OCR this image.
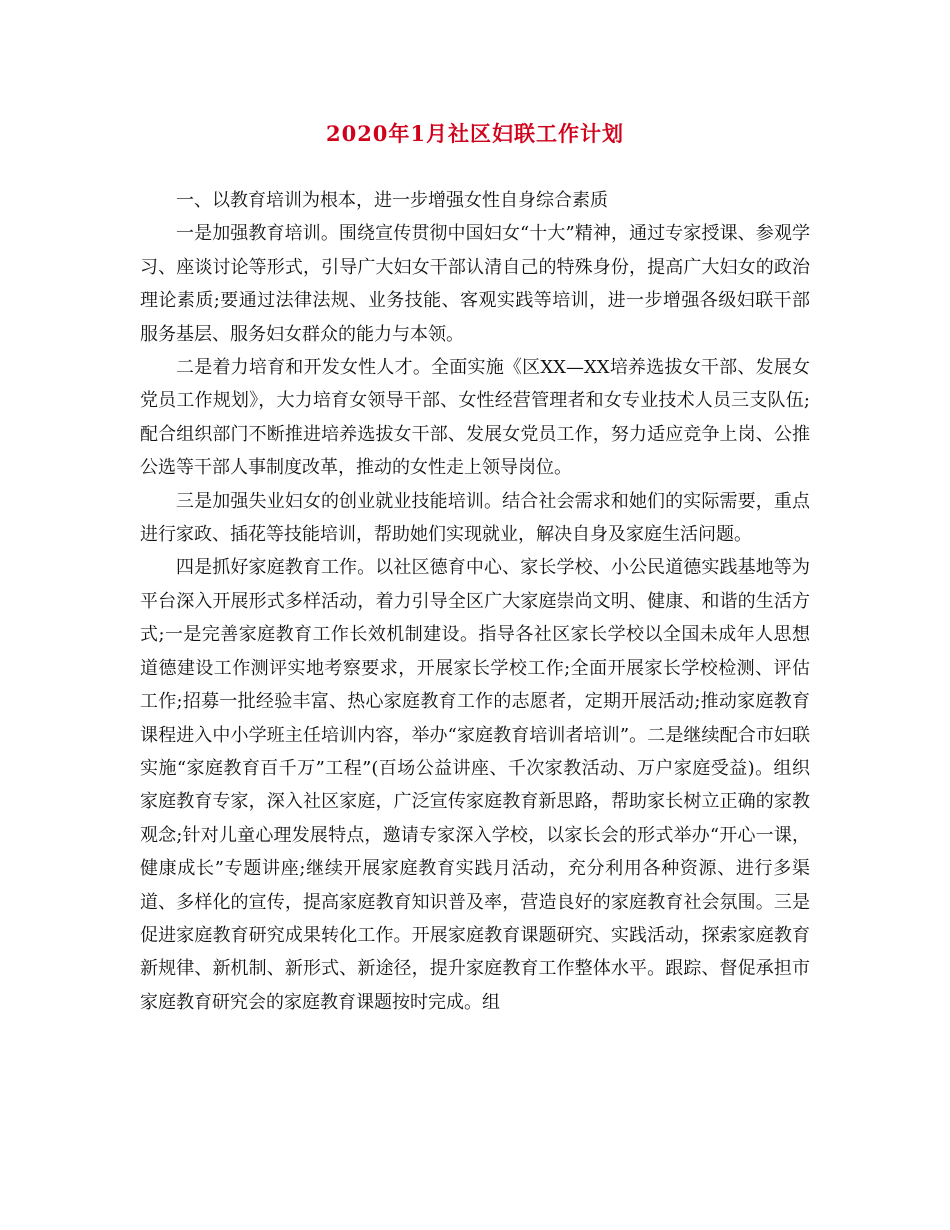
2020年1月社区妇联工作计划

一、以教育培训为根本，进一步增强女性自身综合素质

一是加强教育培训。围绕宣传贯彻中国妇女“十大”精神，通过专家授课、参观学习、座谈讨论等形式，引导广大妇女干部认清自己的特殊身份，提高广大妇女的政治理论素质;要通过法律法规、业务技能、客观实践等培训，进一步增强各级妇联干部服务基层、服务妇女群众的能力与本领。

二是着力培育和开发女性人才。全面实施《区XX—XX培养选拔女干部、发展女党员工作规划》，大力培育女领导干部、女性经营管理者和女专业技术人员三支队伍;配合组织部门不断推进培养选拔女干部、发展女党员工作，努力适应竞争上岗、公推公选等干部人事制度改革，推动的女性走上领导岗位。

三是加强失业妇女的创业就业技能培训。结合社会需求和她们的实际需要，重点进行家政、插花等技能培训，帮助她们实现就业，解决自身及家庭生活问题。

四是抓好家庭教育工作。以社区德育中心、家长学校、小公民道德实践基地等为平台深入开展形式多样活动，着力引导全区广大家庭崇尚文明、健康、和谐的生活方式;一是完善家庭教育工作长效机制建设。指导各社区家长学校以全国未成年人思想道德建设工作测评实地考察要求，开展家长学校工作;全面开展家长学校检测、评估工作;招募一批经验丰富、热心家庭教育工作的志愿者，定期开展活动;推动家庭教育课程进入中小学班主任培训内容，举办“家庭教育培训者培训”。二是继续配合市妇联实施“家庭教育百千万”工程”(百场公益讲座、千次家教活动、万户家庭受益)。组织家庭教育专家，深入社区家庭，广泛宣传家庭教育新思路，帮助家长树立正确的家教观念;针对儿童心理发展特点，邀请专家深入学校，以家长会的形式举办“开心一课，健康成长”专题讲座;继续开展家庭教育实践月活动，充分利用各种资源、进行多渠道、多样化的宣传，提高家庭教育知识普及率，营造良好的家庭教育社会氛围。三是促进家庭教育研究成果转化工作。开展家庭教育课题研究、实践活动，探索家庭教育新规律、新机制、新形式、新途径，提升家庭教育工作整体水平。跟踪、督促承担市家庭教育研究会的家庭教育课题按时完成。组
